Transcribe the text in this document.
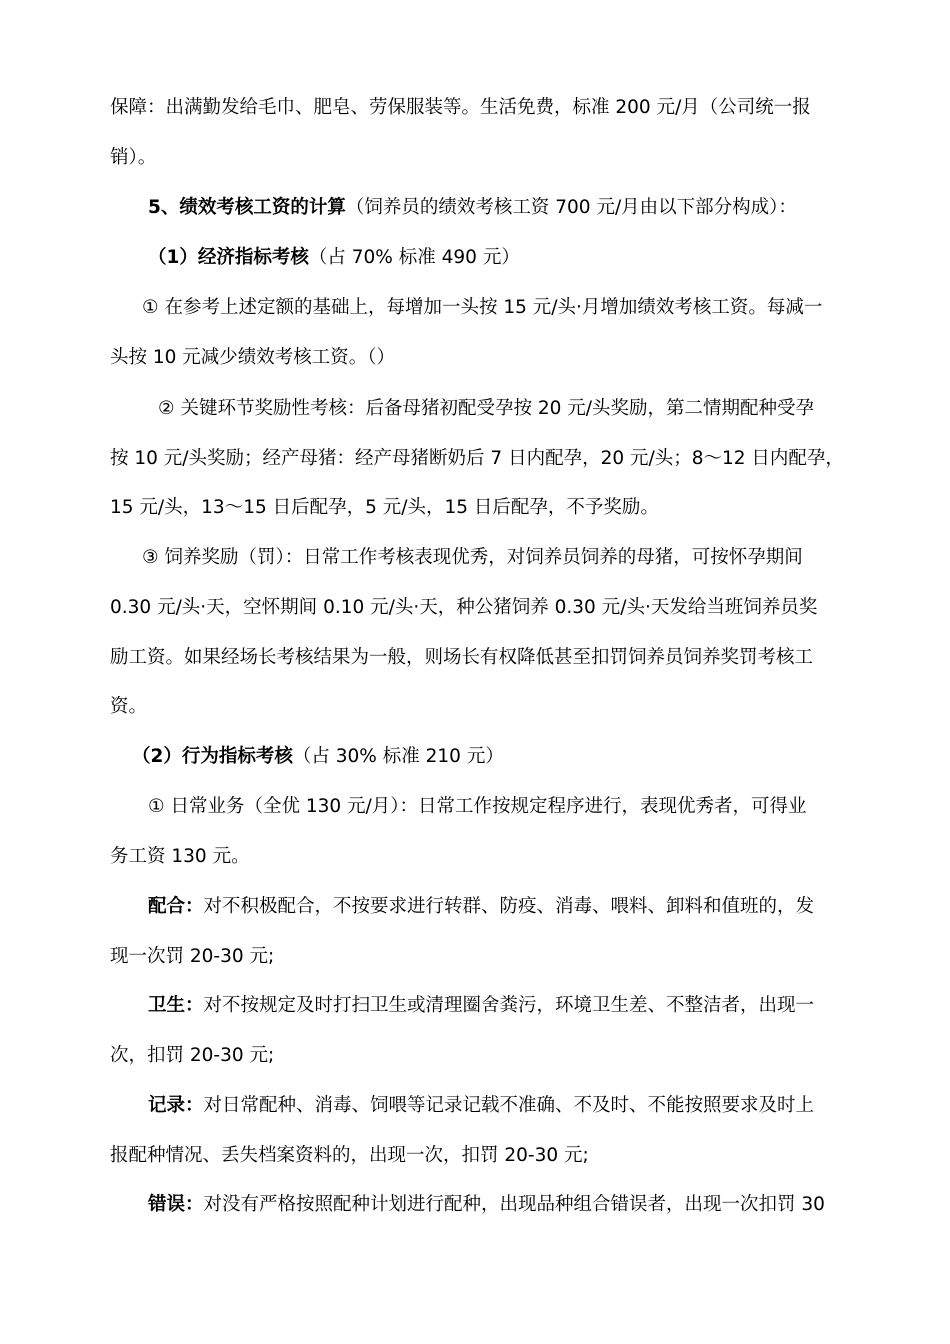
保障：出满勤发给毛巾、肥皂、劳保服装等。生活免费，标准 200 元/月（公司统一报
销）。
5、绩效考核工资的计算（饲养员的绩效考核工资 700 元/月由以下部分构成）：
（1）经济指标考核（占 70% 标准 490 元）
① 在参考上述定额的基础上，每增加一头按 15 元/头·月增加绩效考核工资。每减一
头按 10 元减少绩效考核工资。（）
② 关键环节奖励性考核：后备母猪初配受孕按 20 元/头奖励，第二情期配种受孕
按 10 元/头奖励；经产母猪：经产母猪断奶后 7 日内配孕，20 元/头；8～12 日内配孕，
15 元/头，13～15 日后配孕，5 元/头，15 日后配孕，不予奖励。
③ 饲养奖励（罚）：日常工作考核表现优秀，对饲养员饲养的母猪，可按怀孕期间
0.30 元/头·天，空怀期间 0.10 元/头·天，种公猪饲养 0.30 元/头·天发给当班饲养员奖
励工资。如果经场长考核结果为一般，则场长有权降低甚至扣罚饲养员饲养奖罚考核工
资。
（2）行为指标考核（占 30% 标准 210 元）
① 日常业务（全优 130 元/月）：日常工作按规定程序进行，表现优秀者，可得业
务工资 130 元。
配合：对不积极配合，不按要求进行转群、防疫、消毒、喂料、卸料和值班的，发
现一次罚 20-30 元;
卫生：对不按规定及时打扫卫生或清理圈舍粪污，环境卫生差、不整洁者，出现一
次，扣罚 20-30 元;
记录：对日常配种、消毒、饲喂等记录记载不准确、不及时、不能按照要求及时上
报配种情况、丢失档案资料的，出现一次，扣罚 20-30 元;
错误：对没有严格按照配种计划进行配种，出现品种组合错误者，出现一次扣罚 30
